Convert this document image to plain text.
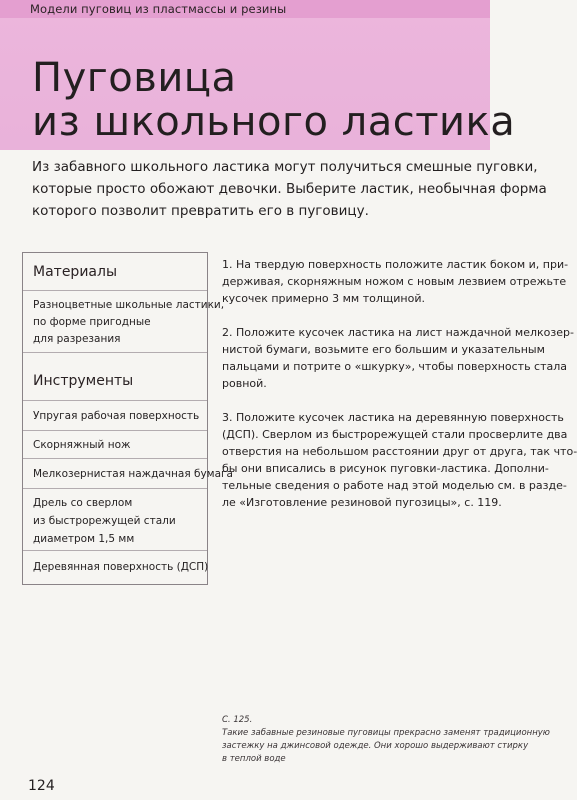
Модели пуговиц из пластмассы и резины
Пуговица
из школьного ластика
Из забавного школьного ластика могут получиться смешные пуговки,
которые просто обожают девочки. Выберите ластик, необычная форма
которого позволит превратить его в пуговицу.
Материалы
Разноцветные школьные ластики,
по форме пригодные
для разрезания
Инструменты
Упругая рабочая поверхность
Скорняжный нож
Мелкозернистая наждачная бумага
Дрель со сверлом
из быстрорежущей стали
диаметром 1,5 мм
Деревянная поверхность (ДСП)
1. На твердую поверхность положите ластик боком и, при-
держивая, скорняжным ножом с новым лезвием отрежьте
кусочек примерно 3 мм толщиной.
2. Положите кусочек ластика на лист наждачной мелкозер-
нистой бумаги, возьмите его большим и указательным
пальцами и потрите о «шкурку», чтобы поверхность стала
ровной.
3. Положите кусочек ластика на деревянную поверхность
(ДСП). Сверлом из быстрорежущей стали просверлите два
отверстия на небольшом расстоянии друг от друга, так что-
бы они вписались в рисунок пуговки-ластика. Дополни-
тельные сведения о работе над этой моделью см. в разде-
ле «Изготовление резиновой пугозицы», с. 119.
С. 125.
Такие забавные резиновые пуговицы прекрасно заменят традиционную
застежку на джинсовой одежде. Они хорошо выдерживают стирку
в теплой воде
124
